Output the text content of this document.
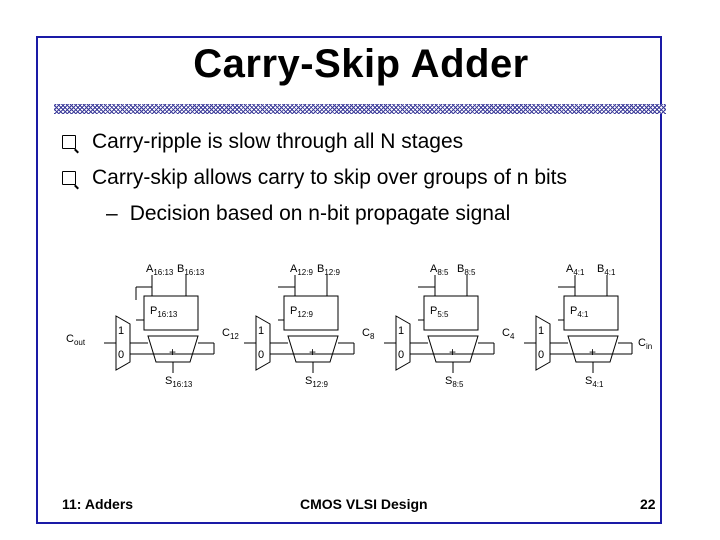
Carry-Skip Adder
Carry-ripple is slow through all N stages
Carry-skip allows carry to skip over groups of n bits
– Decision based on n-bit propagate signal
$A_{16:13}$ $B_{16:13}$
$P_{16:13}$
1
0	+
$S_{16:13}$
$A_{12:9}$ $B_{12:9}$
$P_{12:9}$
1
0	+
$S_{12:9}$
$A_{8:5}$ $B_{8:5}$
$P_{5:5}$
1
0	+
$S_{8:5}$
$A_{4:1}$ $B_{4:1}$
$P_{4:1}$
1
0	+
$S_{4:1}$
$C_{out}$
$C_{12}$	$C_8$	$C_4$
$C_{in}$
11: Adders	CMOS VLSI Design	22
